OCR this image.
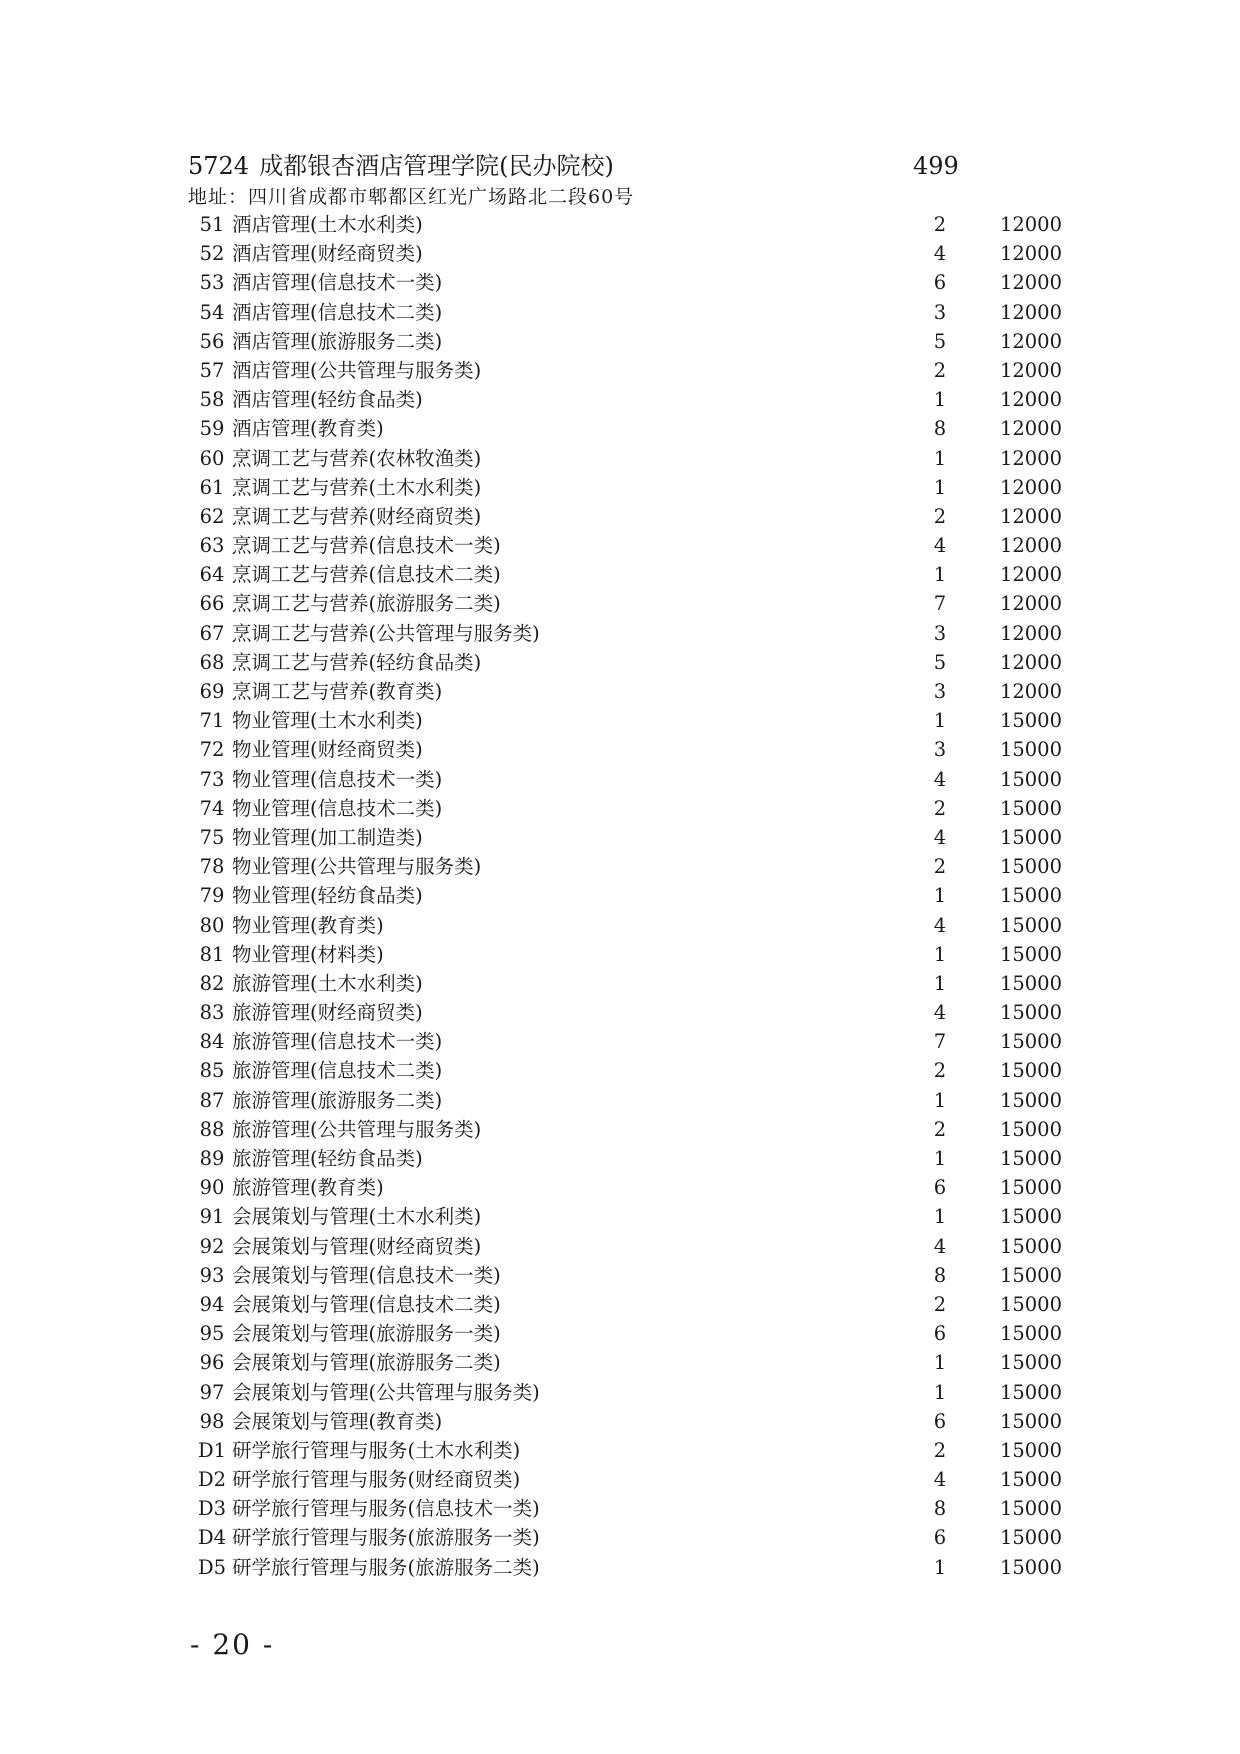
5724 成都银杏酒店管理学院(民办院校)	499
地址：四川省成都市郫都区红光广场路北二段60号
51 酒店管理(土木水利类)	2	12000
52 酒店管理(财经商贸类)	4	12000
53 酒店管理(信息技术一类)	6	12000
54 酒店管理(信息技术二类)	3	12000
56 酒店管理(旅游服务二类)	5	12000
57 酒店管理(公共管理与服务类)	2	12000
58 酒店管理(轻纺食品类)	1	12000
59 酒店管理(教育类)	8	12000
60 烹调工艺与营养(农林牧渔类)	1	12000
61 烹调工艺与营养(土木水利类)	1	12000
62 烹调工艺与营养(财经商贸类)	2	12000
63 烹调工艺与营养(信息技术一类)	4	12000
64 烹调工艺与营养(信息技术二类)	1	12000
66 烹调工艺与营养(旅游服务二类)	7	12000
67 烹调工艺与营养(公共管理与服务类)	3	12000
68 烹调工艺与营养(轻纺食品类)	5	12000
69 烹调工艺与营养(教育类)	3	12000
71 物业管理(土木水利类)	1	15000
72 物业管理(财经商贸类)	3	15000
73 物业管理(信息技术一类)	4	15000
74 物业管理(信息技术二类)	2	15000
75 物业管理(加工制造类)	4	15000
78 物业管理(公共管理与服务类)	2	15000
79 物业管理(轻纺食品类)	1	15000
80 物业管理(教育类)	4	15000
81 物业管理(材料类)	1	15000
82 旅游管理(土木水利类)	1	15000
83 旅游管理(财经商贸类)	4	15000
84 旅游管理(信息技术一类)	7	15000
85 旅游管理(信息技术二类)	2	15000
87 旅游管理(旅游服务二类)	1	15000
88 旅游管理(公共管理与服务类)	2	15000
89 旅游管理(轻纺食品类)	1	15000
90 旅游管理(教育类)	6	15000
91 会展策划与管理(土木水利类)	1	15000
92 会展策划与管理(财经商贸类)	4	15000
93 会展策划与管理(信息技术一类)	8	15000
94 会展策划与管理(信息技术二类)	2	15000
95 会展策划与管理(旅游服务一类)	6	15000
96 会展策划与管理(旅游服务二类)	1	15000
97 会展策划与管理(公共管理与服务类)	1	15000
98 会展策划与管理(教育类)	6	15000
D1 研学旅行管理与服务(土木水利类)	2	15000
D2 研学旅行管理与服务(财经商贸类)	4	15000
D3 研学旅行管理与服务(信息技术一类)	8	15000
D4 研学旅行管理与服务(旅游服务一类)	6	15000
D5 研学旅行管理与服务(旅游服务二类)	1	15000
- 20 -
